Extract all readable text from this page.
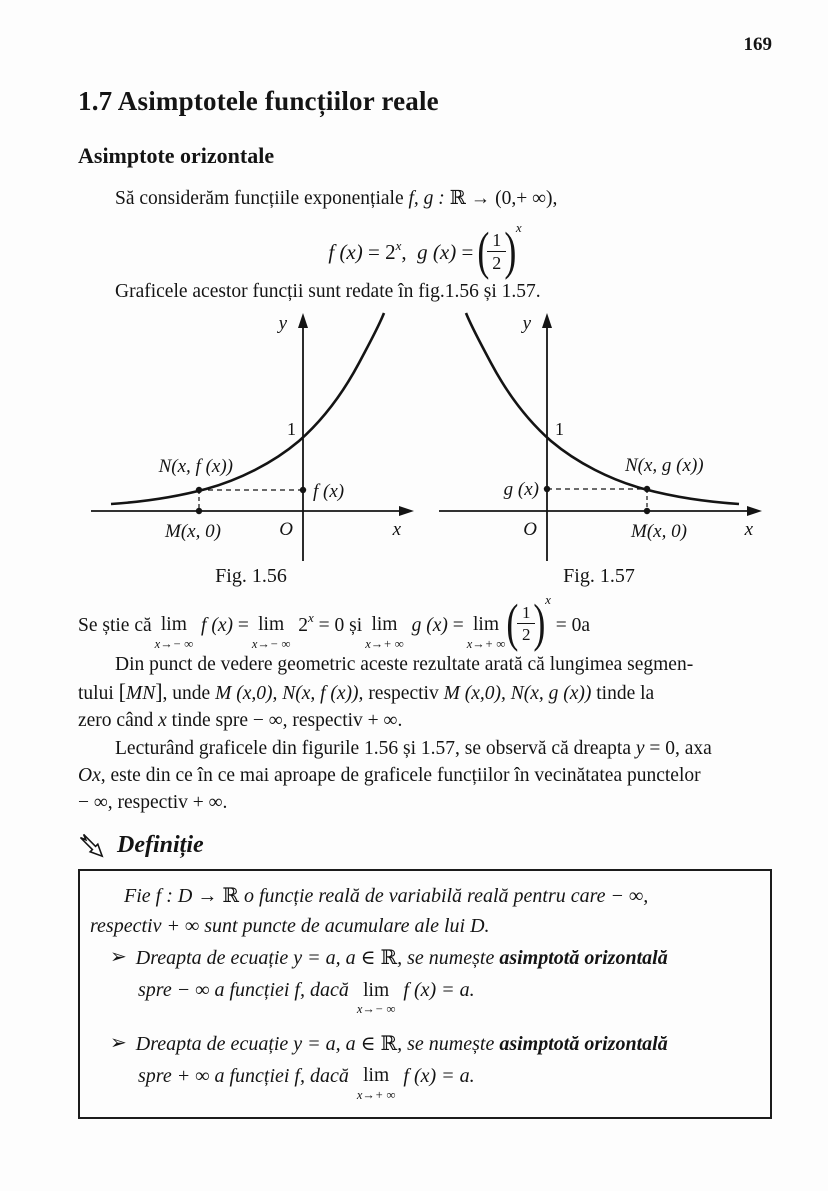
169
1.7 Asimptotele funcțiilor reale
Asimptote orizontale
Să considerăm funcțiile exponențiale f, g : ℝ → (0,+ ∞),
f $(x) = 2^x$, g (x) = (
$\frac{1}{2}$
)$^x$
Graficele acestor funcții sunt redate în fig.1.56 și 1.57.
y
x
O
1
N(x, f (x))
M(x, 0)
f (x)
Fig. 1.56
y
x
O
1
N(x, g (x))
M(x, 0)
g (x)
Fig. 1.57
Se știe că lim
x→− ∞
f (x) = lim
x→− ∞
$2^x = 0$ și lim
x→+ ∞
g (x) = lim
x→+ ∞ (
$\frac{1}{2}$
)$^x$ = 0a
Din punct de vedere geometric aceste rezultate arată că lungimea segmen-
tului [MN], unde M (x,0), N(x, f (x)), respectiv M (x,0), N(x, g (x)) tinde la
zero când x tinde spre − ∞, respectiv + ∞.
Lecturând graficele din figurile 1.56 și 1.57, se observă că dreapta y = 0, axa
Ox, este din ce în ce mai aproape de graficele funcțiilor în vecinătatea punctelor
− ∞, respectiv + ∞.
Definiție
Fie f : D → ℝ o funcție reală de variabilă reală pentru care − ∞,
respectiv + ∞ sunt puncte de acumulare ale lui D.
➢ Dreapta de ecuație y = a, a ∈ ℝ, se numește asimptotă orizontală
spre − ∞ a funcției f, dacă lim
x→− ∞
f (x) = a.
➢ Dreapta de ecuație y = a, a ∈ ℝ, se numește asimptotă orizontală
spre + ∞ a funcției f, dacă lim
x→+ ∞
f (x) = a.
